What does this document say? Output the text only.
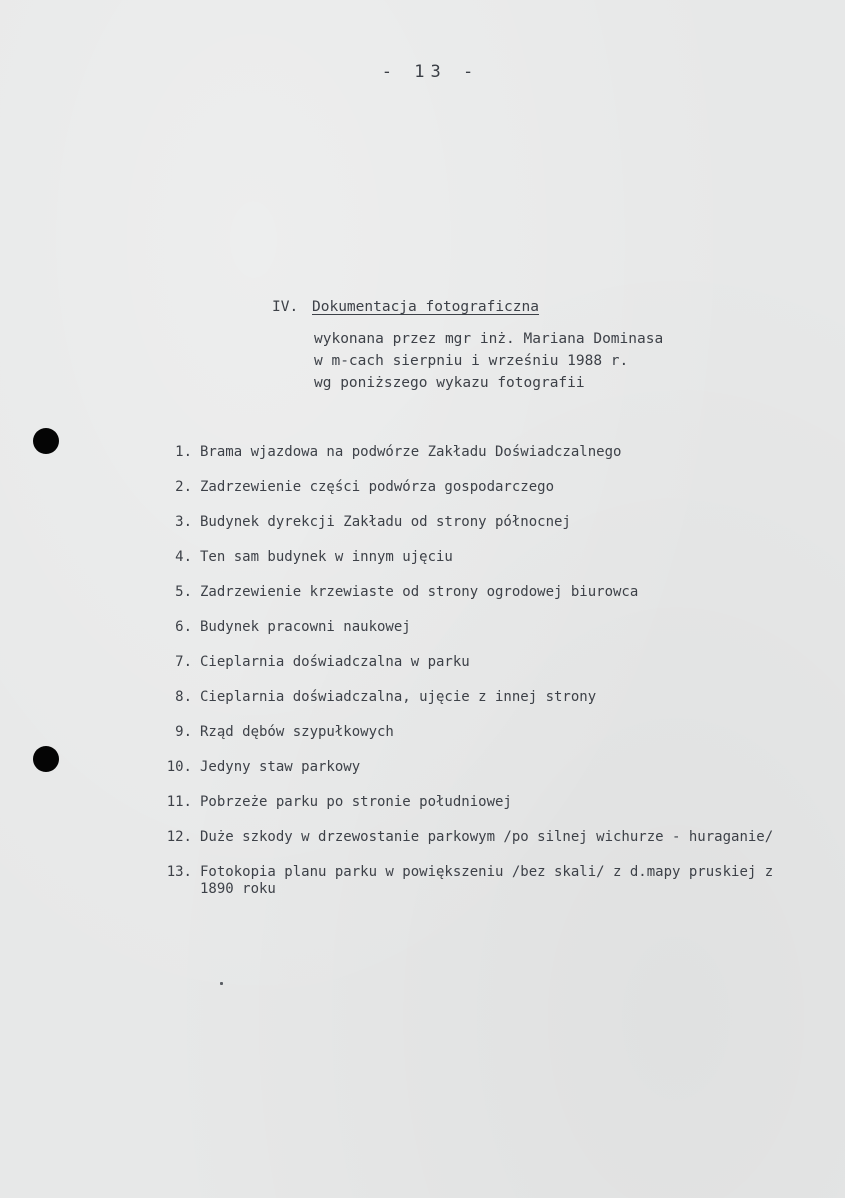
- 13 -
IV. Dokumentacja fotograficzna
wykonana przez mgr inż. Mariana Dominasa
w m-cach sierpniu i wrześniu 1988 r.
wg poniższego wykazu fotografii
1. Brama wjazdowa na podwórze Zakładu Doświadczalnego
2. Zadrzewienie części podwórza gospodarczego
3. Budynek dyrekcji Zakładu od strony północnej
4. Ten sam budynek w innym ujęciu
5. Zadrzewienie krzewiaste od strony ogrodowej biurowca
6. Budynek pracowni naukowej
7. Cieplarnia doświadczalna w parku
8. Cieplarnia doświadczalna, ujęcie z innej strony
9. Rząd dębów szypułkowych
10. Jedyny staw parkowy
11. Pobrzeże parku po stronie południowej
12. Duże szkody w drzewostanie parkowym /po silnej wichurze - huraganie/
13. Fotokopia planu parku w powiększeniu /bez skali/ z d.mapy pruskiej z 1890 roku
